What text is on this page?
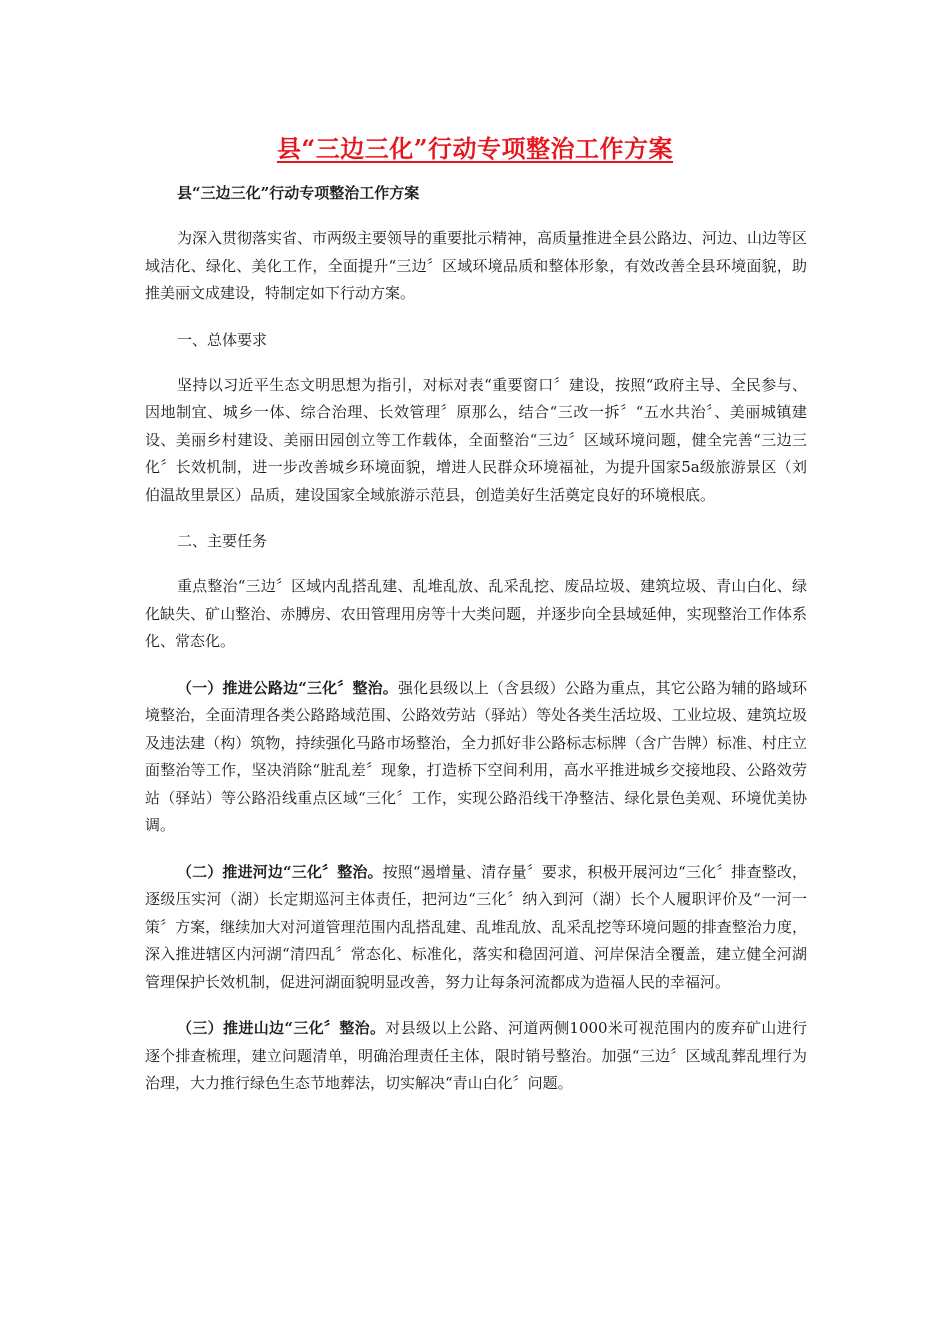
县“三边三化”行动专项整治工作方案

县“三边三化”行动专项整治工作方案

为深入贯彻落实省、市两级主要领导的重要批示精神，高质量推进全县公路边、河边、山边等区域洁化、绿化、美化工作，全面提升“三边〞区域环境品质和整体形象，有效改善全县环境面貌，助推美丽文成建设，特制定如下行动方案。

一、总体要求

坚持以习近平生态文明思想为指引，对标对表“重要窗口〞建设，按照“政府主导、全民参与、因地制宜、城乡一体、综合治理、长效管理〞原那么，结合“三改一拆〞“五水共治〞、美丽城镇建设、美丽乡村建设、美丽田园创立等工作载体，全面整治“三边〞区域环境问题，健全完善“三边三化〞长效机制，进一步改善城乡环境面貌，增进人民群众环境福祉，为提升国家5a级旅游景区（刘伯温故里景区）品质，建设国家全域旅游示范县，创造美好生活奠定良好的环境根底。

二、主要任务

重点整治“三边〞区域内乱搭乱建、乱堆乱放、乱采乱挖、废品垃圾、建筑垃圾、青山白化、绿化缺失、矿山整治、赤膊房、农田管理用房等十大类问题，并逐步向全县域延伸，实现整治工作体系化、常态化。

（一）推进公路边“三化〞整治。强化县级以上（含县级）公路为重点，其它公路为辅的路域环境整治，全面清理各类公路路域范围、公路效劳站（驿站）等处各类生活垃圾、工业垃圾、建筑垃圾及违法建（构）筑物，持续强化马路市场整治，全力抓好非公路标志标牌（含广告牌）标准、村庄立面整治等工作，坚决消除“脏乱差〞现象，打造桥下空间利用，高水平推进城乡交接地段、公路效劳站（驿站）等公路沿线重点区域“三化〞工作，实现公路沿线干净整洁、绿化景色美观、环境优美协调。

（二）推进河边“三化〞整治。按照“遏增量、清存量〞要求，积极开展河边“三化〞排查整改，逐级压实河（湖）长定期巡河主体责任，把河边“三化〞纳入到河（湖）长个人履职评价及“一河一策〞方案，继续加大对河道管理范围内乱搭乱建、乱堆乱放、乱采乱挖等环境问题的排查整治力度，深入推进辖区内河湖“清四乱〞常态化、标准化，落实和稳固河道、河岸保洁全覆盖，建立健全河湖管理保护长效机制，促进河湖面貌明显改善，努力让每条河流都成为造福人民的幸福河。

（三）推进山边“三化〞整治。对县级以上公路、河道两侧1000米可视范围内的废弃矿山进行逐个排查梳理，建立问题清单，明确治理责任主体，限时销号整治。加强“三边〞区域乱葬乱埋行为治理，大力推行绿色生态节地葬法，切实解决“青山白化〞问题。
